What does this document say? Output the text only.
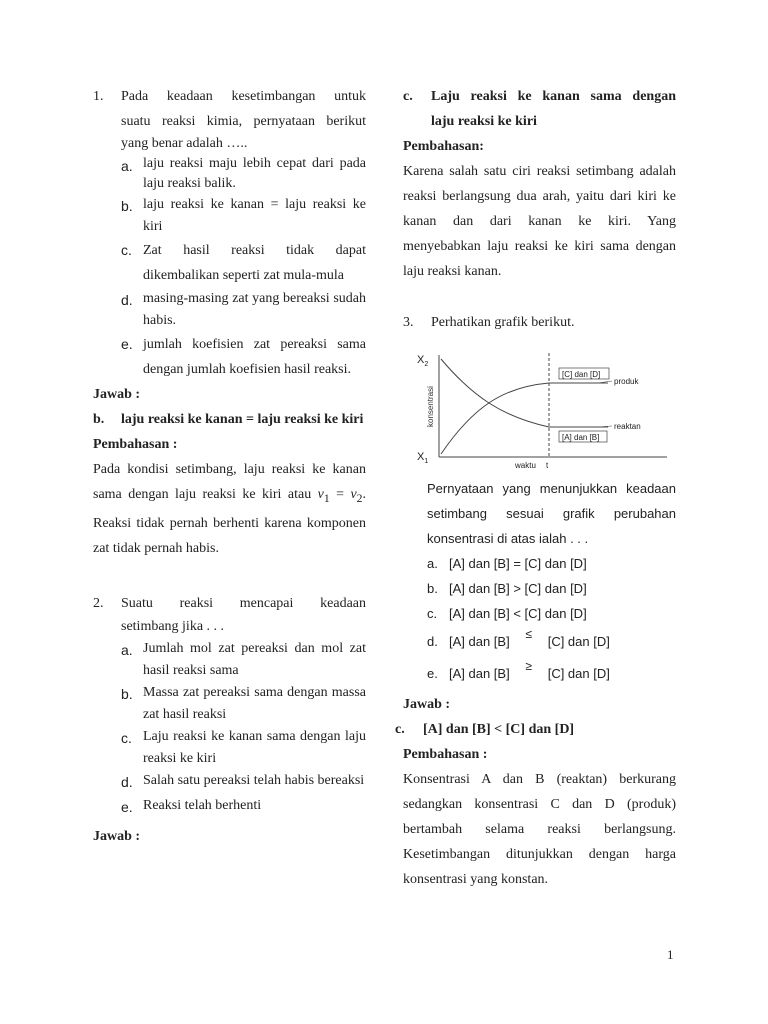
1.	Pada keadaan kesetimbangan untuk
suatu reaksi kimia, pernyataan berikut
yang benar adalah …..
a. laju reaksi maju lebih cepat dari pada laju reaksi balik.
b. laju reaksi ke kanan = laju reaksi ke kiri
c. Zat hasil reaksi tidak dapat dikembalikan seperti zat mula-mula
d. masing-masing zat yang bereaksi sudah habis.
e. jumlah koefisien zat pereaksi sama dengan jumlah koefisien hasil reaksi.
Jawab :
b.	laju reaksi ke kanan = laju reaksi ke kiri
Pembahasan :
Pada kondisi setimbang, laju reaksi ke kanan sama dengan laju reaksi ke kiri atau $v_1 = v_2$. Reaksi tidak pernah berhenti karena komponen zat tidak pernah habis.
2.	Suatu reaksi mencapai keadaan
setimbang jika . . .
a. Jumlah mol zat pereaksi dan mol zat hasil reaksi sama
b. Massa zat pereaksi sama dengan massa zat hasil reaksi
c. Laju reaksi ke kanan sama dengan laju reaksi ke kiri
d. Salah satu pereaksi telah habis bereaksi
e. Reaksi telah berhenti
Jawab :
c.	Laju reaksi ke kanan sama dengan
laju reaksi ke kiri
Pembahasan:
Karena salah satu ciri reaksi setimbang adalah reaksi berlangsung dua arah, yaitu dari kiri ke kanan dan dari kanan ke kiri. Yang menyebabkan laju reaksi ke kiri sama dengan laju reaksi kanan.
3.	Perhatikan grafik berikut.
$X_2$
$X_1$
konsentrasi
[C] dan [D]
produk
[A] dan [B]
reaktan
waktu t
Pernyataan yang menunjukkan keadaan setimbang sesuai grafik perubahan konsentrasi di atas ialah . . .
a. [A] dan [B]
=
[C] dan [D]
b. [A] dan [B]
>
[C] dan [D]
c. [A] dan [B]
<
[C] dan [D]
d. [A] dan [B]	≤	[C] dan [D]
e. [A] dan [B]	≥	[C] dan [D]
Jawab :
c.	[A] dan [B] < [C] dan [D]
Pembahasan :
Konsentrasi A dan B (reaktan) berkurang sedangkan konsentrasi C dan D (produk) bertambah selama reaksi berlangsung. Kesetimbangan ditunjukkan dengan harga konsentrasi yang konstan.
1
